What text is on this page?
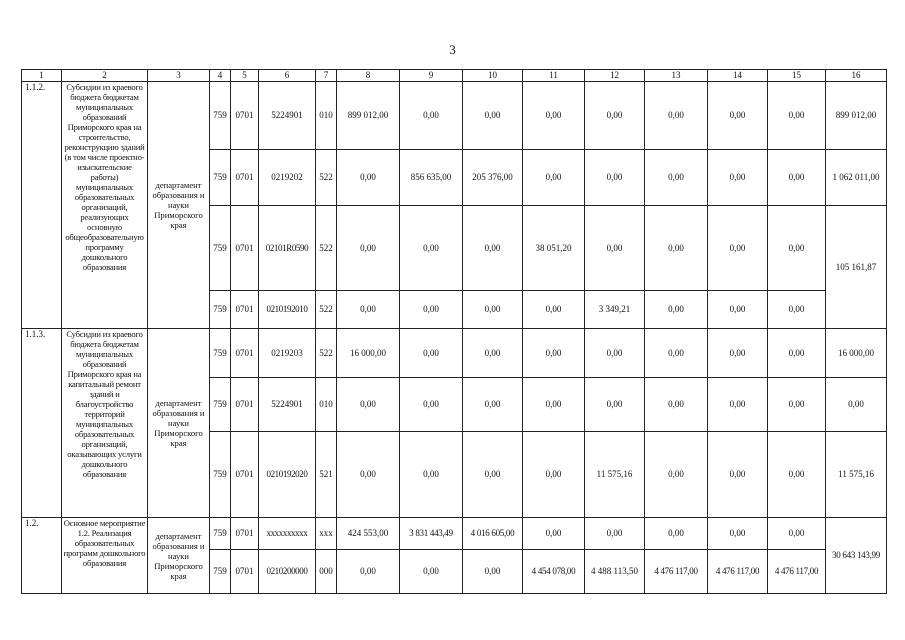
3
1	2	3	4	5	6	7	8	9	10	11	12	13	14	15	16
1.1.2.	Субсидии из краевого бюджета бюджетам муниципальных образований Приморского края на строительство, реконструкцию зданий (в том числе проектно-изыскательские работы) муниципальных образовательных организаций, реализующих основную общеобразовательную программу дошкольного образования	департамент образования и науки Приморского края	759	0701	5224901	010	899 012,00	0,00	0,00	0,00	0,00	0,00	0,00	0,00	899 012,00
			759	0701	0219202	522	0,00	856 635,00	205 376,00	0,00	0,00	0,00	0,00	0,00	1 062 011,00
			759	0701	02101R0590	522	0,00	0,00	0,00	38 051,20	0,00	0,00	0,00	0,00	105 161,87
			759	0701	0210192010	522	0,00	0,00	0,00	0,00	3 349,21	0,00	0,00	0,00	
1.1.3.	Субсидии из краевого бюджета бюджетам муниципальных образований Приморского края на капитальный ремонт зданий и благоустройство территорий муниципальных образовательных организаций, оказывающих услуги дошкольного образования	департамент образования и науки Приморского края	759	0701	0219203	522	16 000,00	0,00	0,00	0,00	0,00	0,00	0,00	0,00	16 000,00
			759	0701	5224901	010	0,00	0,00	0,00	0,00	0,00	0,00	0,00	0,00	0,00
			759	0701	0210192020	521	0,00	0,00	0,00	0,00	11 575,16	0,00	0,00	0,00	11 575,16
1.2.	Основное мероприятие 1.2. Реализация образовательных программ дошкольного образования	департамент образования и науки Приморского края	759	0701	xxxxxxxxxx	xxx	424 553,00	3 831 443,49	4 016 605,00	0,00	0,00	0,00	0,00	0,00	30 643 143,99
			759	0701	0210200000	000	0,00	0,00	0,00	4 454 078,00	4 488 113,50	4 476 117,00	4 476 117,00	4 476 117,00	
